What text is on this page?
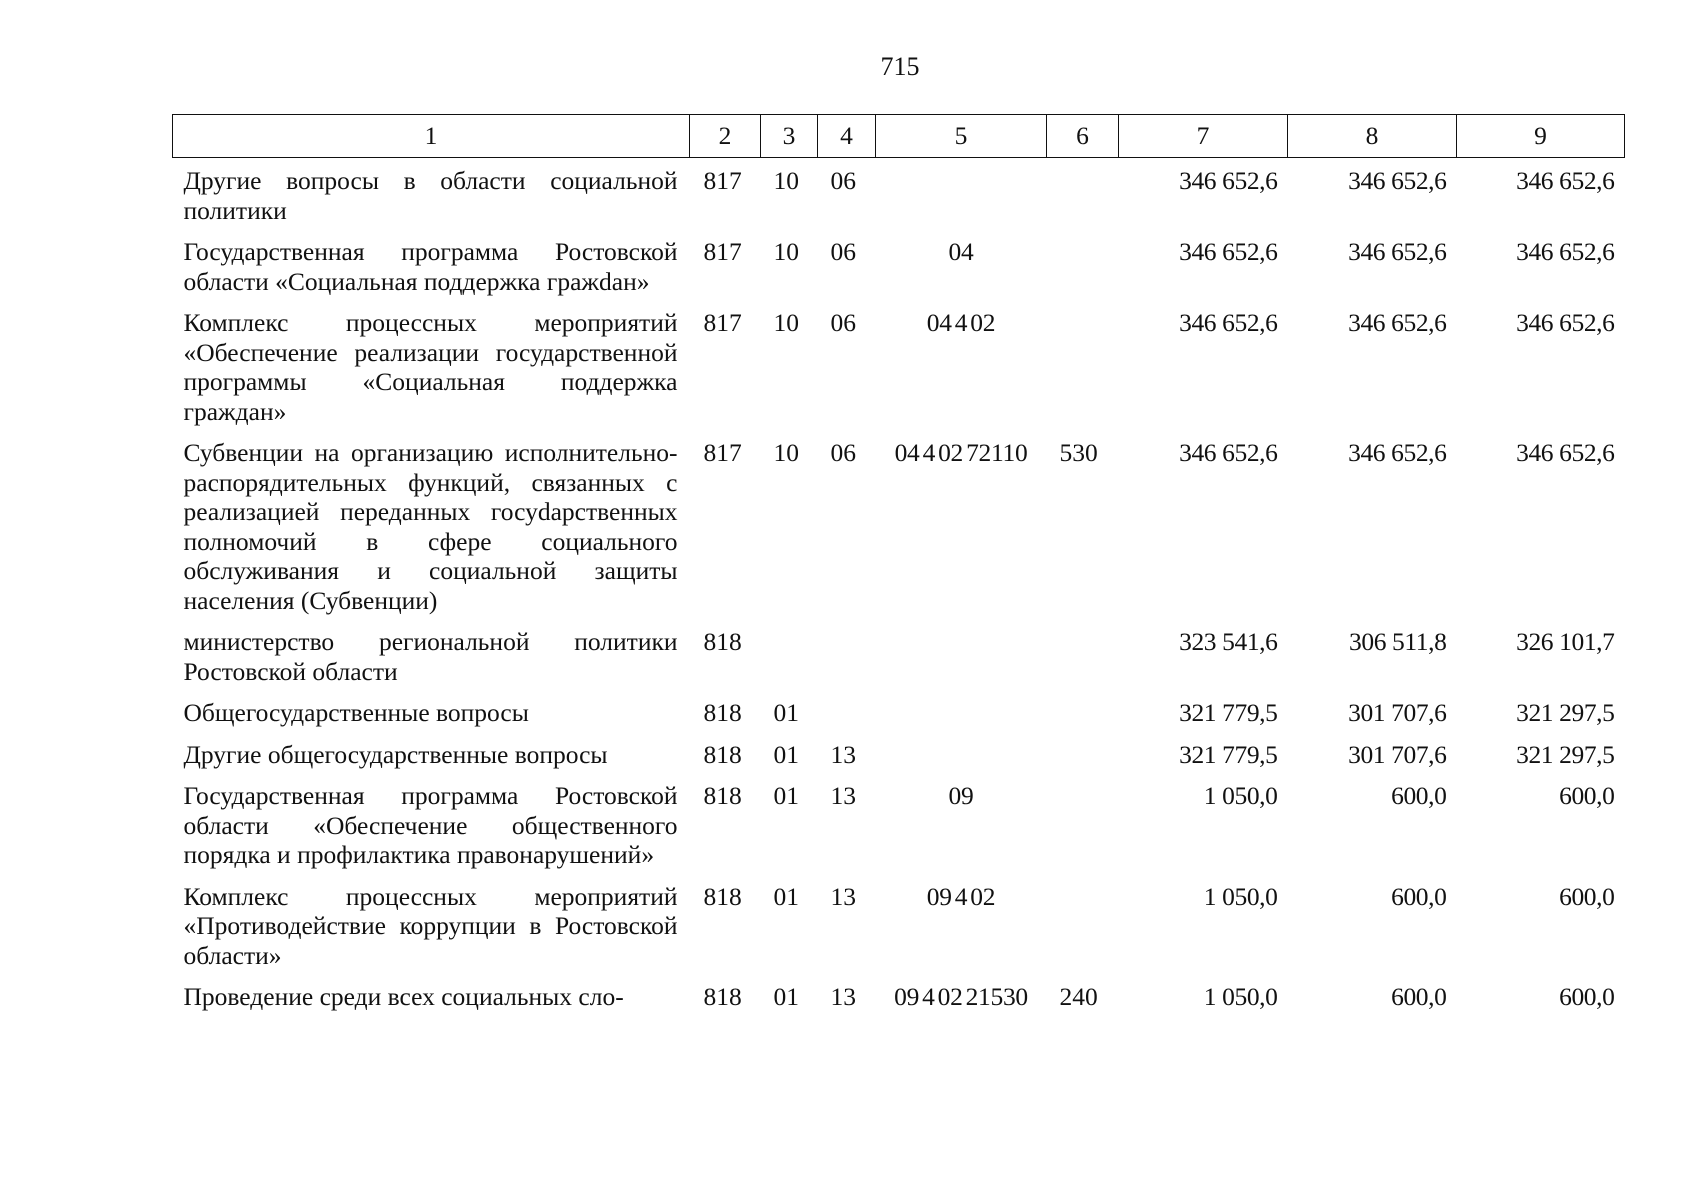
715
1	2	3	4	5	6	7	8	9
Другие вопросы в области социальной политики	817	10	06			346 652,6	346 652,6	346 652,6
Государственная программа Ростовской области «Социальная поддержка гражdан»	817	10	06	04		346 652,6	346 652,6	346 652,6
Комплекс процессных мероприятий «Обеспечение реализации государственной программы «Социальная поддержка граждан»	817	10	06	04 4 02		346 652,6	346 652,6	346 652,6
Субвенции на организацию исполнительно-распорядительных функций, связанных с реализацией переданных госуdарственных полномочий в сфере социального обслуживания и социальной защиты населения (Субвенции)	817	10	06	04 4 02 72110	530	346 652,6	346 652,6	346 652,6
министерство региональной политики Ростовской области	818					323 541,6	306 511,8	326 101,7
Общегосударственные вопросы	818	01				321 779,5	301 707,6	321 297,5
Другие общегосударственные вопросы	818	01	13			321 779,5	301 707,6	321 297,5
Государственная программа Ростовской области «Обеспечение общественного порядка и профилактика правонарушений»	818	01	13	09		1 050,0	600,0	600,0
Комплекс процессных мероприятий «Противодействие коррупции в Ростовской области»	818	01	13	09 4 02		1 050,0	600,0	600,0
Проведение среди всех социальных сло-	818	01	13	09 4 02 21530	240	1 050,0	600,0	600,0
